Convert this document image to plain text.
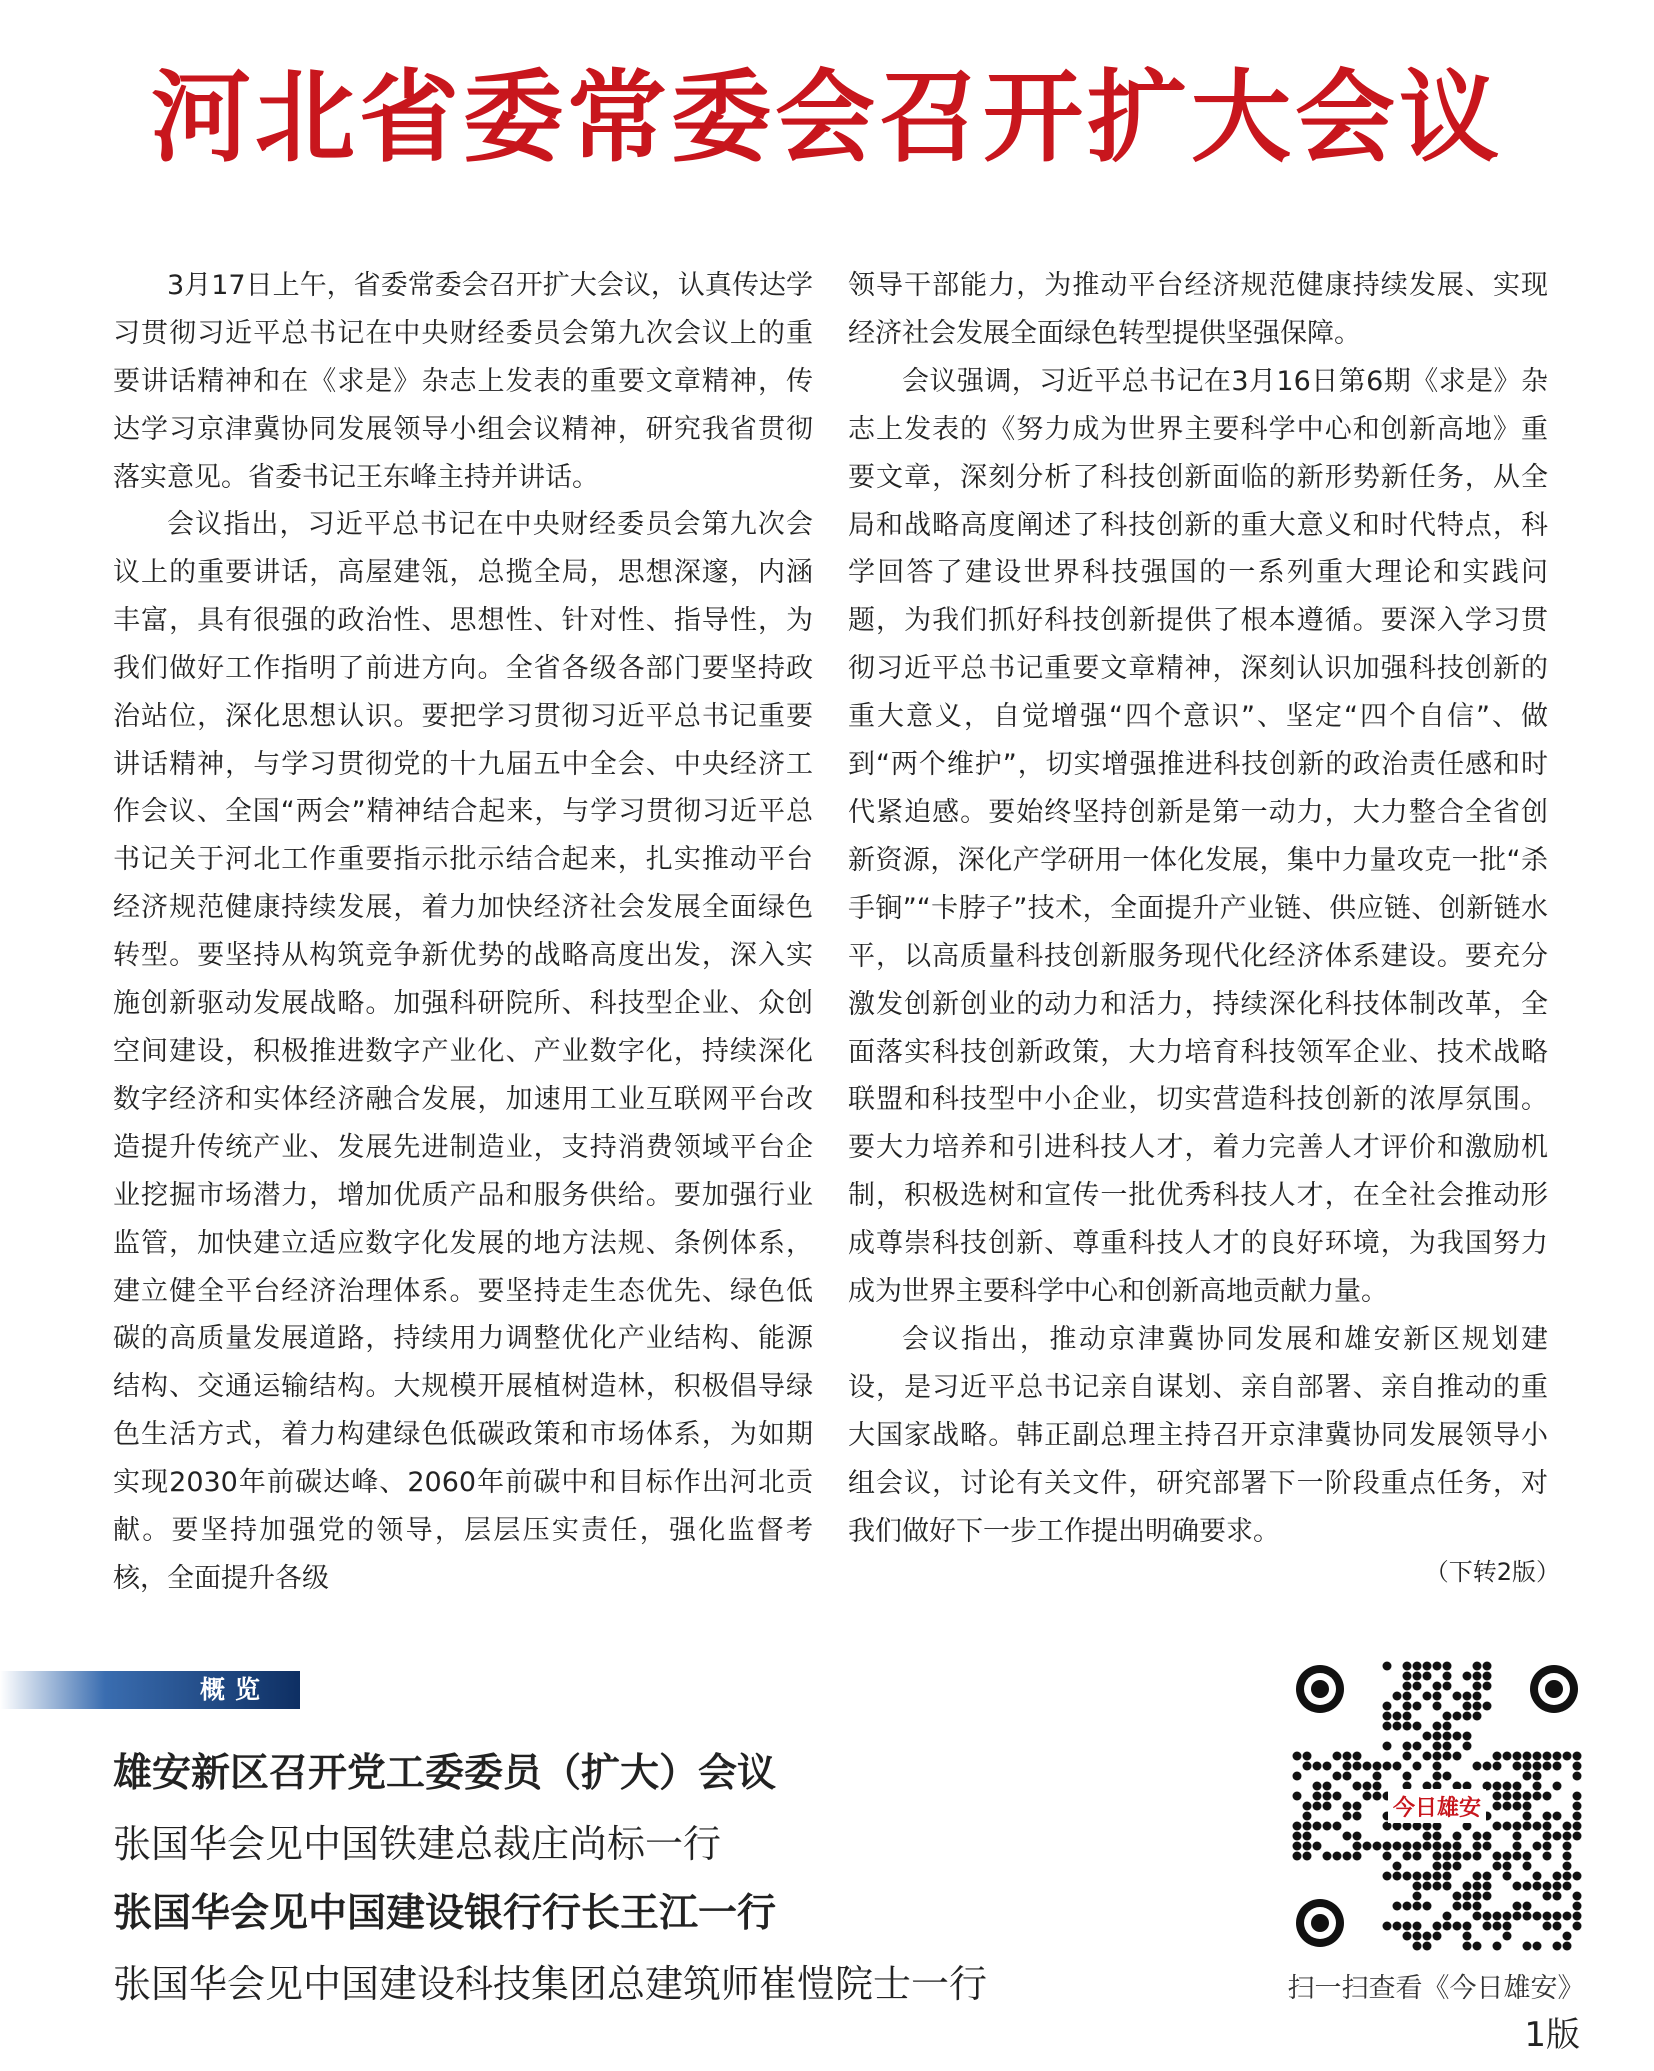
河北省委常委会召开扩大会议

3月17日上午，省委常委会召开扩大会议，认真传达学习贯彻习近平总书记在中央财经委员会第九次会议上的重要讲话精神和在《求是》杂志上发表的重要文章精神，传达学习京津冀协同发展领导小组会议精神，研究我省贯彻落实意见。省委书记王东峰主持并讲话。

会议指出，习近平总书记在中央财经委员会第九次会议上的重要讲话，高屋建瓴，总揽全局，思想深邃，内涵丰富，具有很强的政治性、思想性、针对性、指导性，为我们做好工作指明了前进方向。全省各级各部门要坚持政治站位，深化思想认识。要把学习贯彻习近平总书记重要讲话精神，与学习贯彻党的十九届五中全会、中央经济工作会议、全国“两会”精神结合起来，与学习贯彻习近平总书记关于河北工作重要指示批示结合起来，扎实推动平台经济规范健康持续发展，着力加快经济社会发展全面绿色转型。要坚持从构筑竞争新优势的战略高度出发，深入实施创新驱动发展战略。加强科研院所、科技型企业、众创空间建设，积极推进数字产业化、产业数字化，持续深化数字经济和实体经济融合发展，加速用工业互联网平台改造提升传统产业、发展先进制造业，支持消费领域平台企业挖掘市场潜力，增加优质产品和服务供给。要加强行业监管，加快建立适应数字化发展的地方法规、条例体系，建立健全平台经济治理体系。要坚持走生态优先、绿色低碳的高质量发展道路，持续用力调整优化产业结构、能源结构、交通运输结构。大规模开展植树造林，积极倡导绿色生活方式，着力构建绿色低碳政策和市场体系，为如期实现2030年前碳达峰、2060年前碳中和目标作出河北贡献。要坚持加强党的领导，层层压实责任，强化监督考核，全面提升各级

领导干部能力，为推动平台经济规范健康持续发展、实现经济社会发展全面绿色转型提供坚强保障。

会议强调，习近平总书记在3月16日第6期《求是》杂志上发表的《努力成为世界主要科学中心和创新高地》重要文章，深刻分析了科技创新面临的新形势新任务，从全局和战略高度阐述了科技创新的重大意义和时代特点，科学回答了建设世界科技强国的一系列重大理论和实践问题，为我们抓好科技创新提供了根本遵循。要深入学习贯彻习近平总书记重要文章精神，深刻认识加强科技创新的重大意义，自觉增强“四个意识”、坚定“四个自信”、做到“两个维护”，切实增强推进科技创新的政治责任感和时代紧迫感。要始终坚持创新是第一动力，大力整合全省创新资源，深化产学研用一体化发展，集中力量攻克一批“杀手锏”“卡脖子”技术，全面提升产业链、供应链、创新链水平，以高质量科技创新服务现代化经济体系建设。要充分激发创新创业的动力和活力，持续深化科技体制改革，全面落实科技创新政策，大力培育科技领军企业、技术战略联盟和科技型中小企业，切实营造科技创新的浓厚氛围。要大力培养和引进科技人才，着力完善人才评价和激励机制，积极选树和宣传一批优秀科技人才，在全社会推动形成尊崇科技创新、尊重科技人才的良好环境，为我国努力成为世界主要科学中心和创新高地贡献力量。

会议指出，推动京津冀协同发展和雄安新区规划建设，是习近平总书记亲自谋划、亲自部署、亲自推动的重大国家战略。韩正副总理主持召开京津冀协同发展领导小组会议，讨论有关文件，研究部署下一阶段重点任务，对我们做好下一步工作提出明确要求。

（下转2版）
概览
雄安新区召开党工委委员（扩大）会议
张国华会见中国铁建总裁庄尚标一行
张国华会见中国建设银行行长王江一行
张国华会见中国建设科技集团总建筑师崔愷院士一行
今日雄安
扫一扫查看《今日雄安》
1版
